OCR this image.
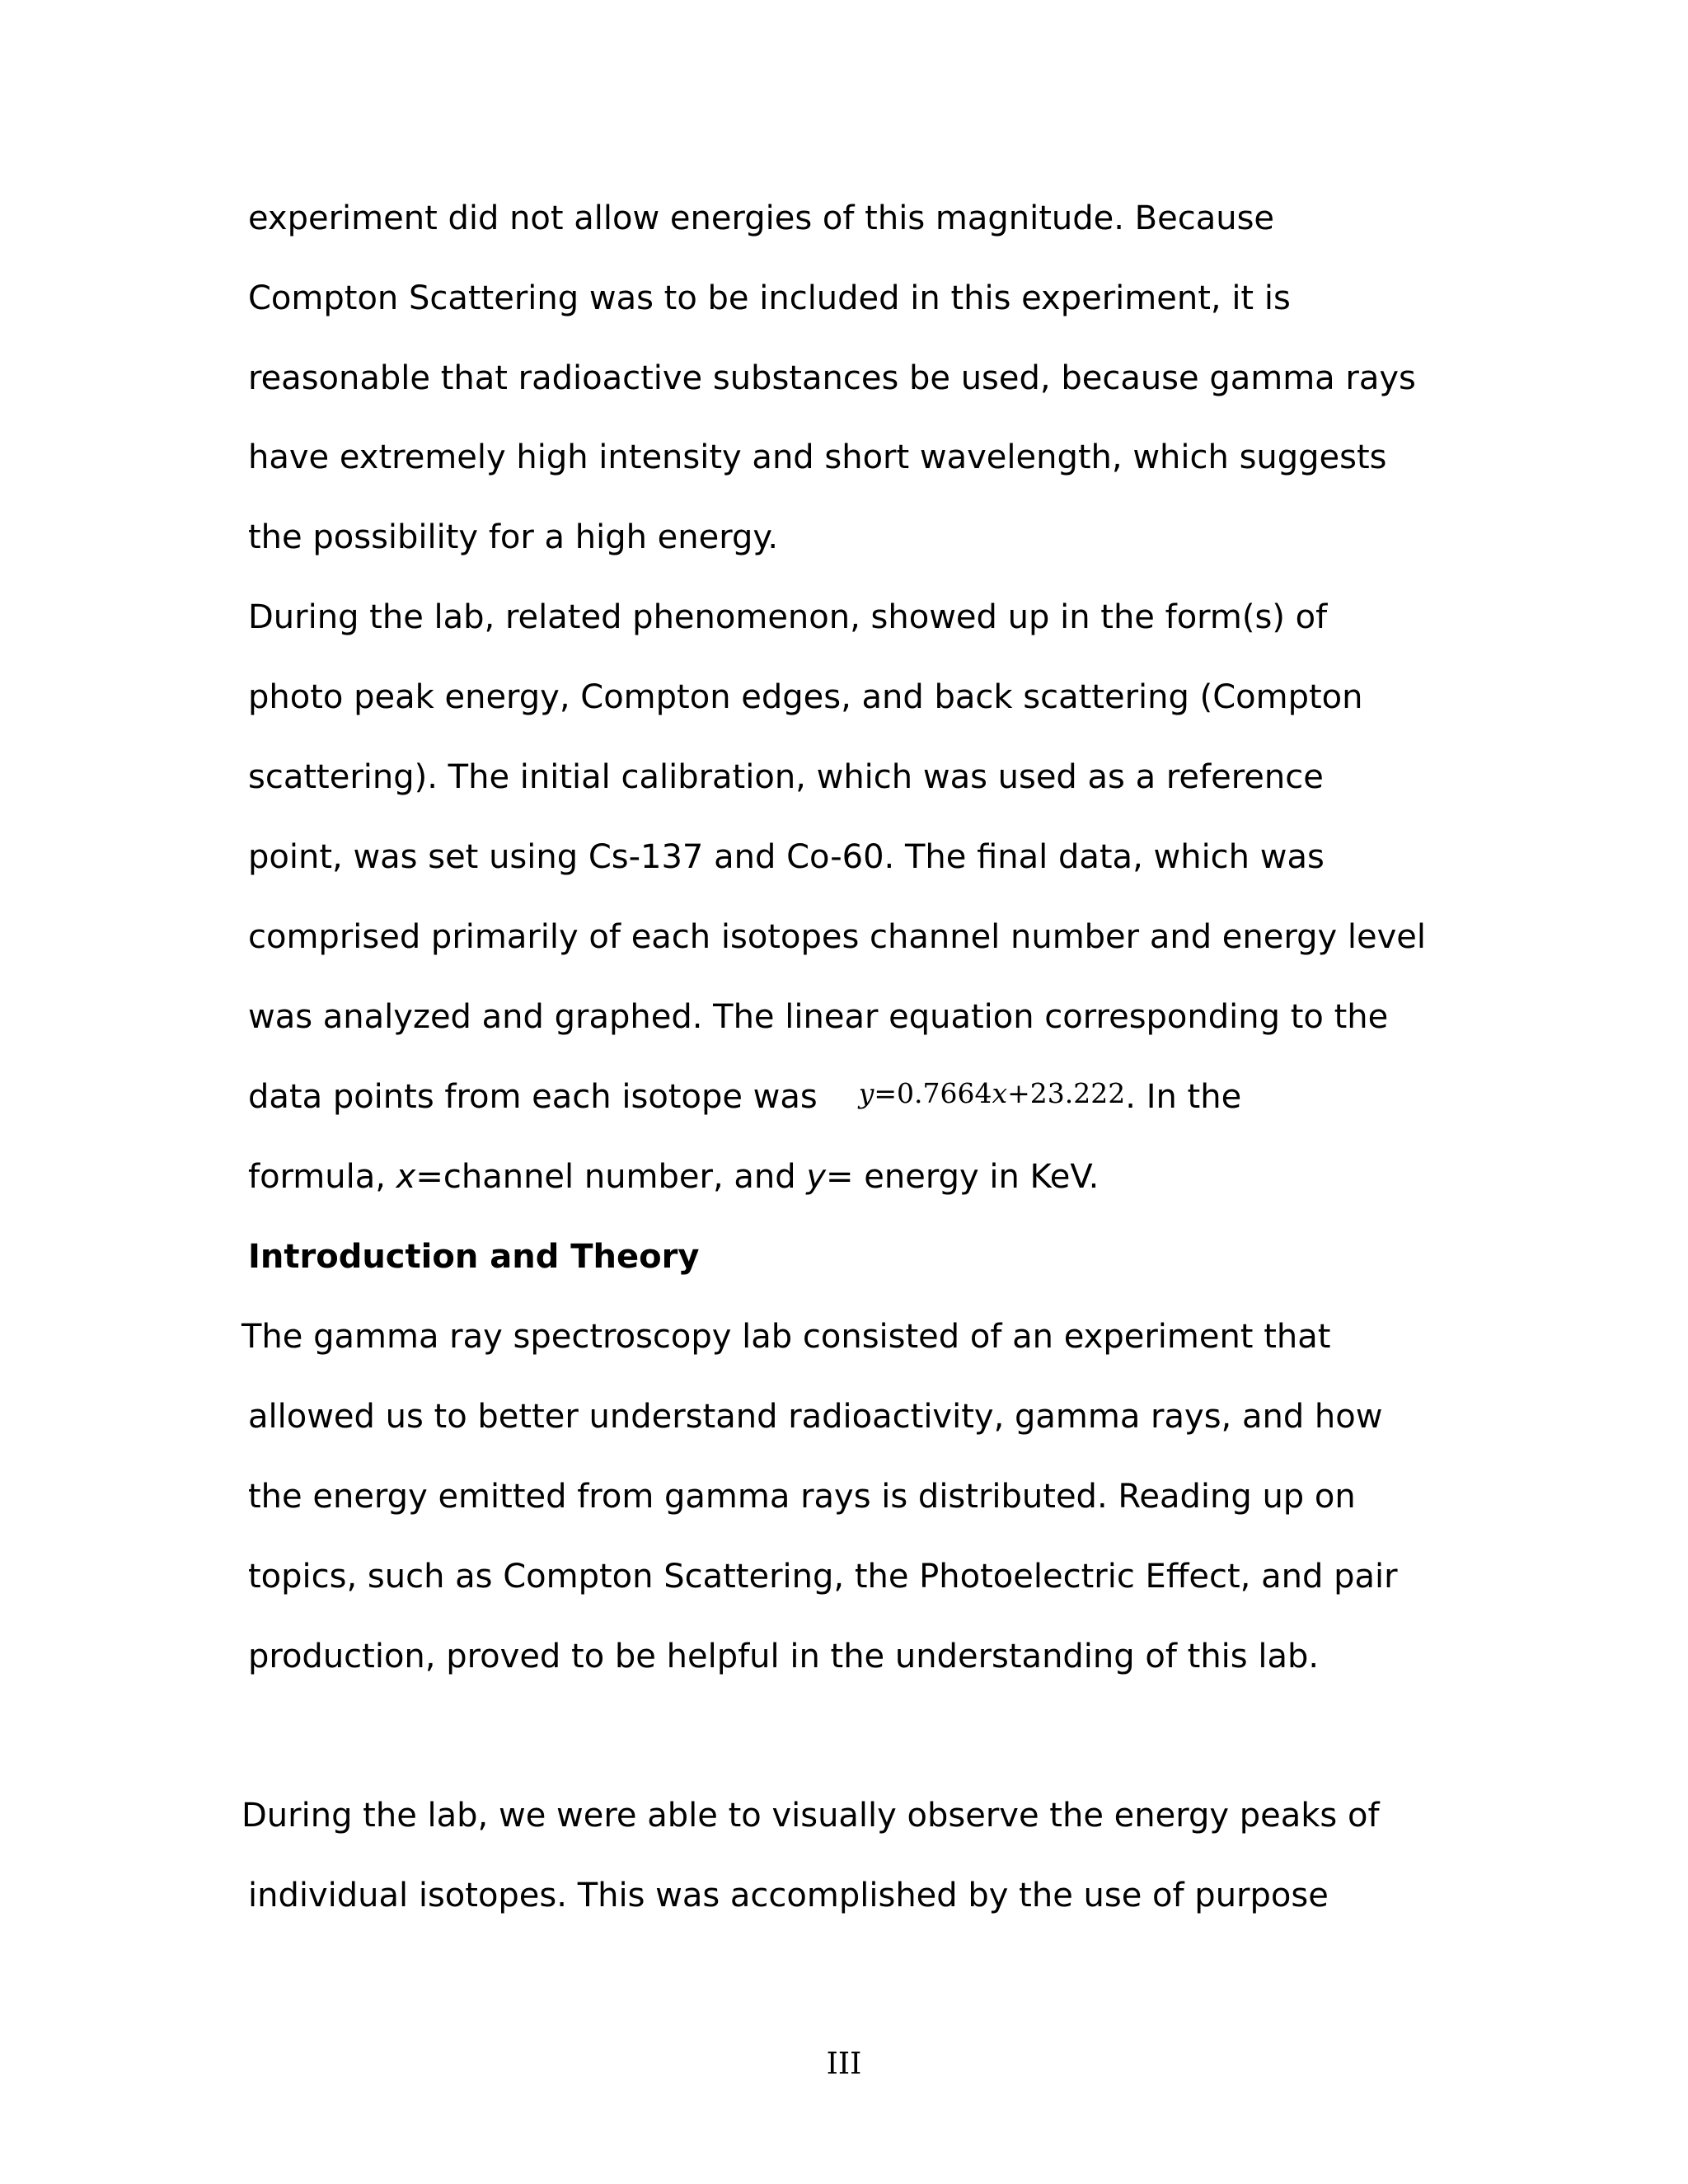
experiment did not allow energies of this magnitude. Because
Compton Scattering was to be included in this experiment, it is
reasonable that radioactive substances be used, because gamma rays
have extremely high intensity and short wavelength, which suggests
the possibility for a high energy.
During the lab, related phenomenon, showed up in the form(s) of
photo peak energy, Compton edges, and back scattering (Compton
scattering). The initial calibration, which was used as a reference
point, was set using Cs-137 and Co-60. The final data, which was
comprised primarily of each isotopes channel number and energy level
was analyzed and graphed. The linear equation corresponding to the
data points from each isotope was y=0.7664x+23.222. In the
formula, x=channel number, and y= energy in KeV.
Introduction and Theory
The gamma ray spectroscopy lab consisted of an experiment that
allowed us to better understand radioactivity, gamma rays, and how
the energy emitted from gamma rays is distributed. Reading up on
topics, such as Compton Scattering, the Photoelectric Effect, and pair
production, proved to be helpful in the understanding of this lab.
During the lab, we were able to visually observe the energy peaks of
individual isotopes. This was accomplished by the use of purpose
III
